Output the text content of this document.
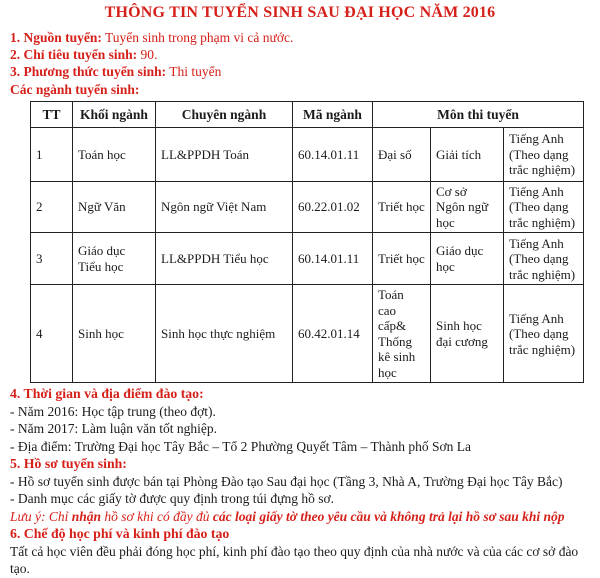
THÔNG TIN TUYỂN SINH SAU ĐẠI HỌC NĂM 2016
1. Nguồn tuyển: Tuyển sinh trong phạm vi cả nước.
2. Chỉ tiêu tuyển sinh: 90.
3. Phương thức tuyển sinh: Thi tuyển
Các ngành tuyển sinh:
TT	Khối ngành	Chuyên ngành	Mã ngành	Môn thi tuyển		
1	Toán học	LL&PPDH Toán	60.14.01.11	Đại số	Giải tích	Tiếng Anh (Theo dạng trắc nghiệm)
2	Ngữ Văn	Ngôn ngữ Việt Nam	60.22.01.02	Triết học	Cơ sở Ngôn ngữ học	Tiếng Anh (Theo dạng trắc nghiệm)
3	Giáo dục Tiểu học	LL&PPDH Tiểu học	60.14.01.11	Triết học	Giáo dục học	Tiếng Anh (Theo dạng trắc nghiệm)
4	Sinh học	Sinh học thực nghiệm	60.42.01.14	Toán cao cấp& Thống kê sinh học	Sinh học đại cương	Tiếng Anh (Theo dạng trắc nghiệm)
4. Thời gian và địa điểm đào tạo:
- Năm 2016: Học tập trung (theo đợt).
- Năm 2017: Làm luận văn tốt nghiệp.
- Địa điểm: Trường Đại học Tây Bắc – Tổ 2 Phường Quyết Tâm – Thành phố Sơn La
5. Hồ sơ tuyển sinh:
- Hồ sơ tuyển sinh được bán tại Phòng Đào tạo Sau đại học (Tầng 3, Nhà A, Trường Đại học Tây Bắc)
- Danh mục các giấy tờ được quy định trong túi đựng hồ sơ.
Lưu ý: Chỉ nhận hồ sơ khi có đầy đủ các loại giấy tờ theo yêu cầu và không trả lại hồ sơ sau khi nộp
6. Chế độ học phí và kinh phí đào tạo
Tất cả học viên đều phải đóng học phí, kinh phí đào tạo theo quy định của nhà nước và của các cơ sở đào tạo.
